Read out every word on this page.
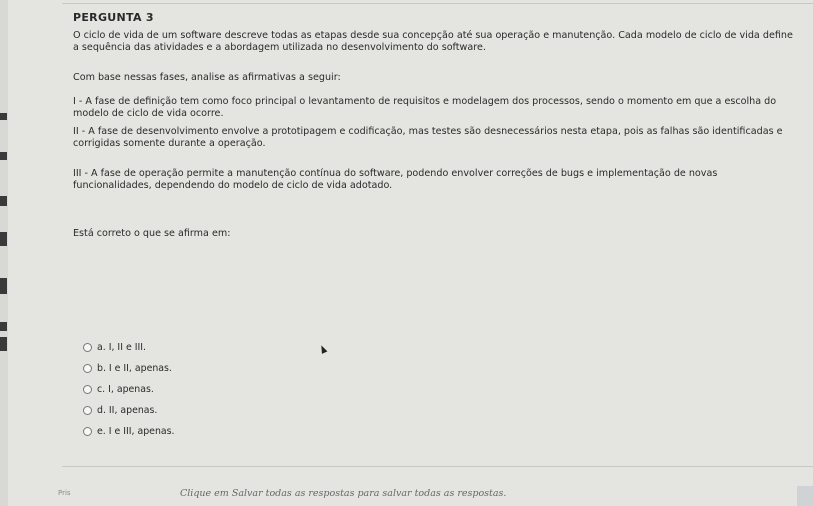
PERGUNTA 3
O ciclo de vida de um software descreve todas as etapas desde sua concepção até sua operação e manutenção. Cada modelo de ciclo de vida define a sequência das atividades e a abordagem utilizada no desenvolvimento do software.
Com base nessas fases, analise as afirmativas a seguir:
I - A fase de definição tem como foco principal o levantamento de requisitos e modelagem dos processos, sendo o momento em que a escolha do modelo de ciclo de vida ocorre.
II - A fase de desenvolvimento envolve a prototipagem e codificação, mas testes são desnecessários nesta etapa, pois as falhas são identificadas e corrigidas somente durante a operação.
III - A fase de operação permite a manutenção contínua do software, podendo envolver correções de bugs e implementação de novas funcionalidades, dependendo do modelo de ciclo de vida adotado.
Está correto o que se afirma em:
a. I, II e III.
b. I e II, apenas.
c. I, apenas.
d. II, apenas.
e. I e III, apenas.
Pris	Clique em Salvar todas as respostas para salvar todas as respostas.
